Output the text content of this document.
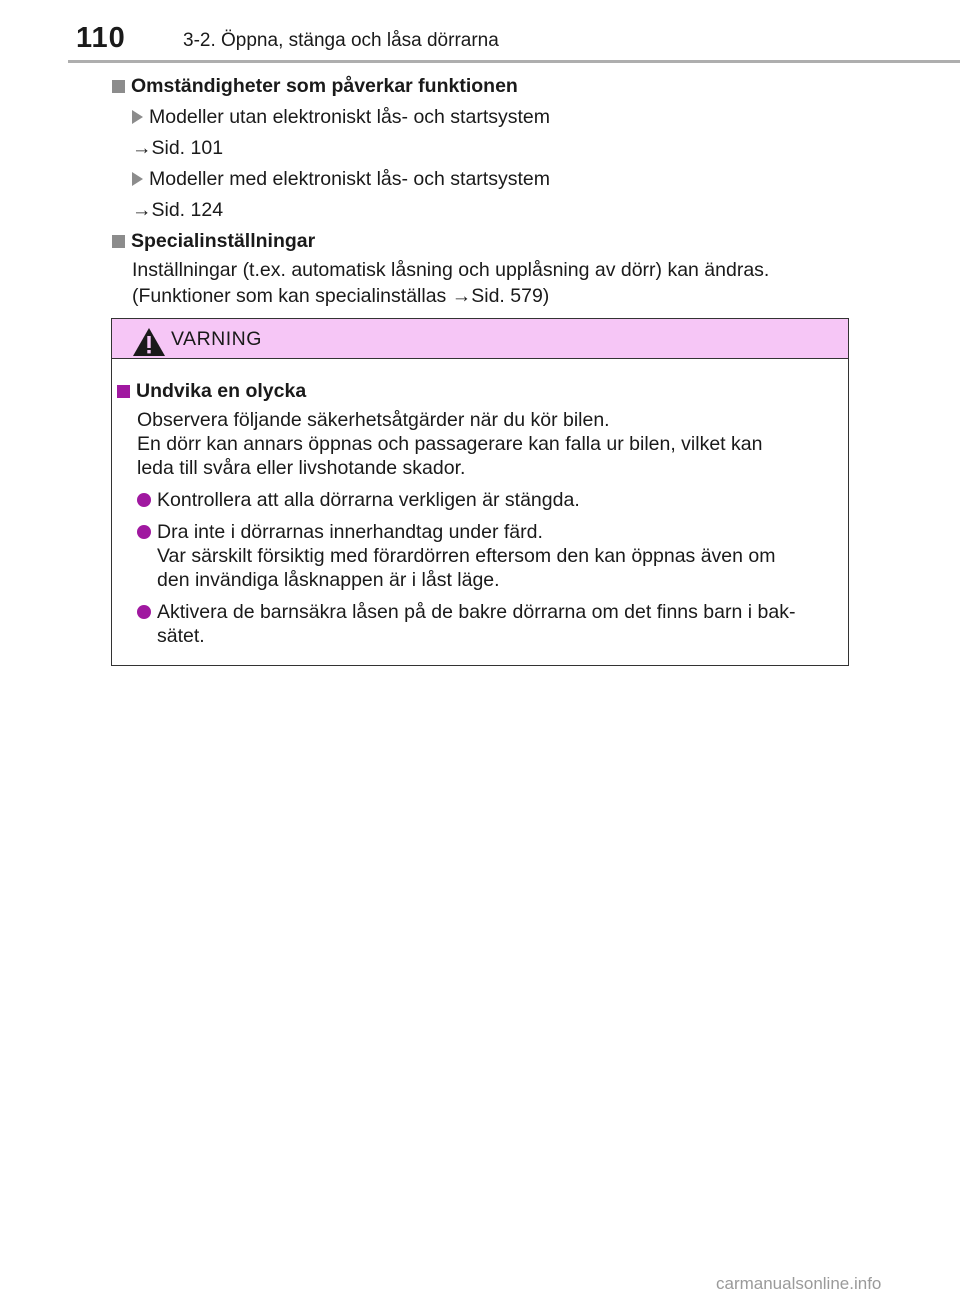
110	3-2. Öppna, stänga och låsa dörrarna
Omständigheter som påverkar funktionen
Modeller utan elektroniskt lås- och startsystem
→Sid. 101
Modeller med elektroniskt lås- och startsystem
→Sid. 124
Specialinställningar
Inställningar (t.ex. automatisk låsning och upplåsning av dörr) kan ändras.
(Funktioner som kan specialinställas →Sid. 579)
VARNING
Undvika en olycka
Observera följande säkerhetsåtgärder när du kör bilen.
En dörr kan annars öppnas och passagerare kan falla ur bilen, vilket kan
leda till svåra eller livshotande skador.
Kontrollera att alla dörrarna verkligen är stängda.
Dra inte i dörrarnas innerhandtag under färd.
Var särskilt försiktig med förardörren eftersom den kan öppnas även om
den invändiga låsknappen är i låst läge.
Aktivera de barnsäkra låsen på de bakre dörrarna om det finns barn i bak-
sätet.
carmanualsonline.info
